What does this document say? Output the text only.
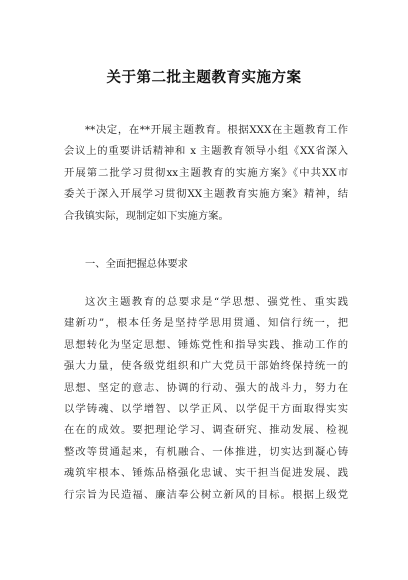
关于第二批主题教育实施方案
**决定，在**开展主题教育。根据XXX在主题教育工作
会议上的重要讲话精神和 x 主题教育领导小组《XX省深入
开展第二批学习贯彻xx主题教育的实施方案》《中共XX市
委关于深入开展学习贯彻XX主题教育实施方案》精神，结
合我镇实际，现制定如下实施方案。
一、全面把握总体要求
这次主题教育的总要求是“学思想、强党性、重实践
建新功”，根本任务是坚持学思用贯通、知信行统一，把
思想转化为坚定思想、锤炼党性和指导实践、推动工作的
强大力量，使各级党组织和广大党员干部始终保持统一的
思想、坚定的意志、协调的行动、强大的战斗力，努力在
以学铸魂、以学增智、以学正风、以学促干方面取得实实
在在的成效。要把理论学习、调查研究、推动发展、检视
整改等贯通起来，有机融合、一体推进，切实达到凝心铸
魂筑牢根本、锤炼品格强化忠诚、实干担当促进发展、践
行宗旨为民造福、廉洁奉公树立新风的目标。根据上级党
